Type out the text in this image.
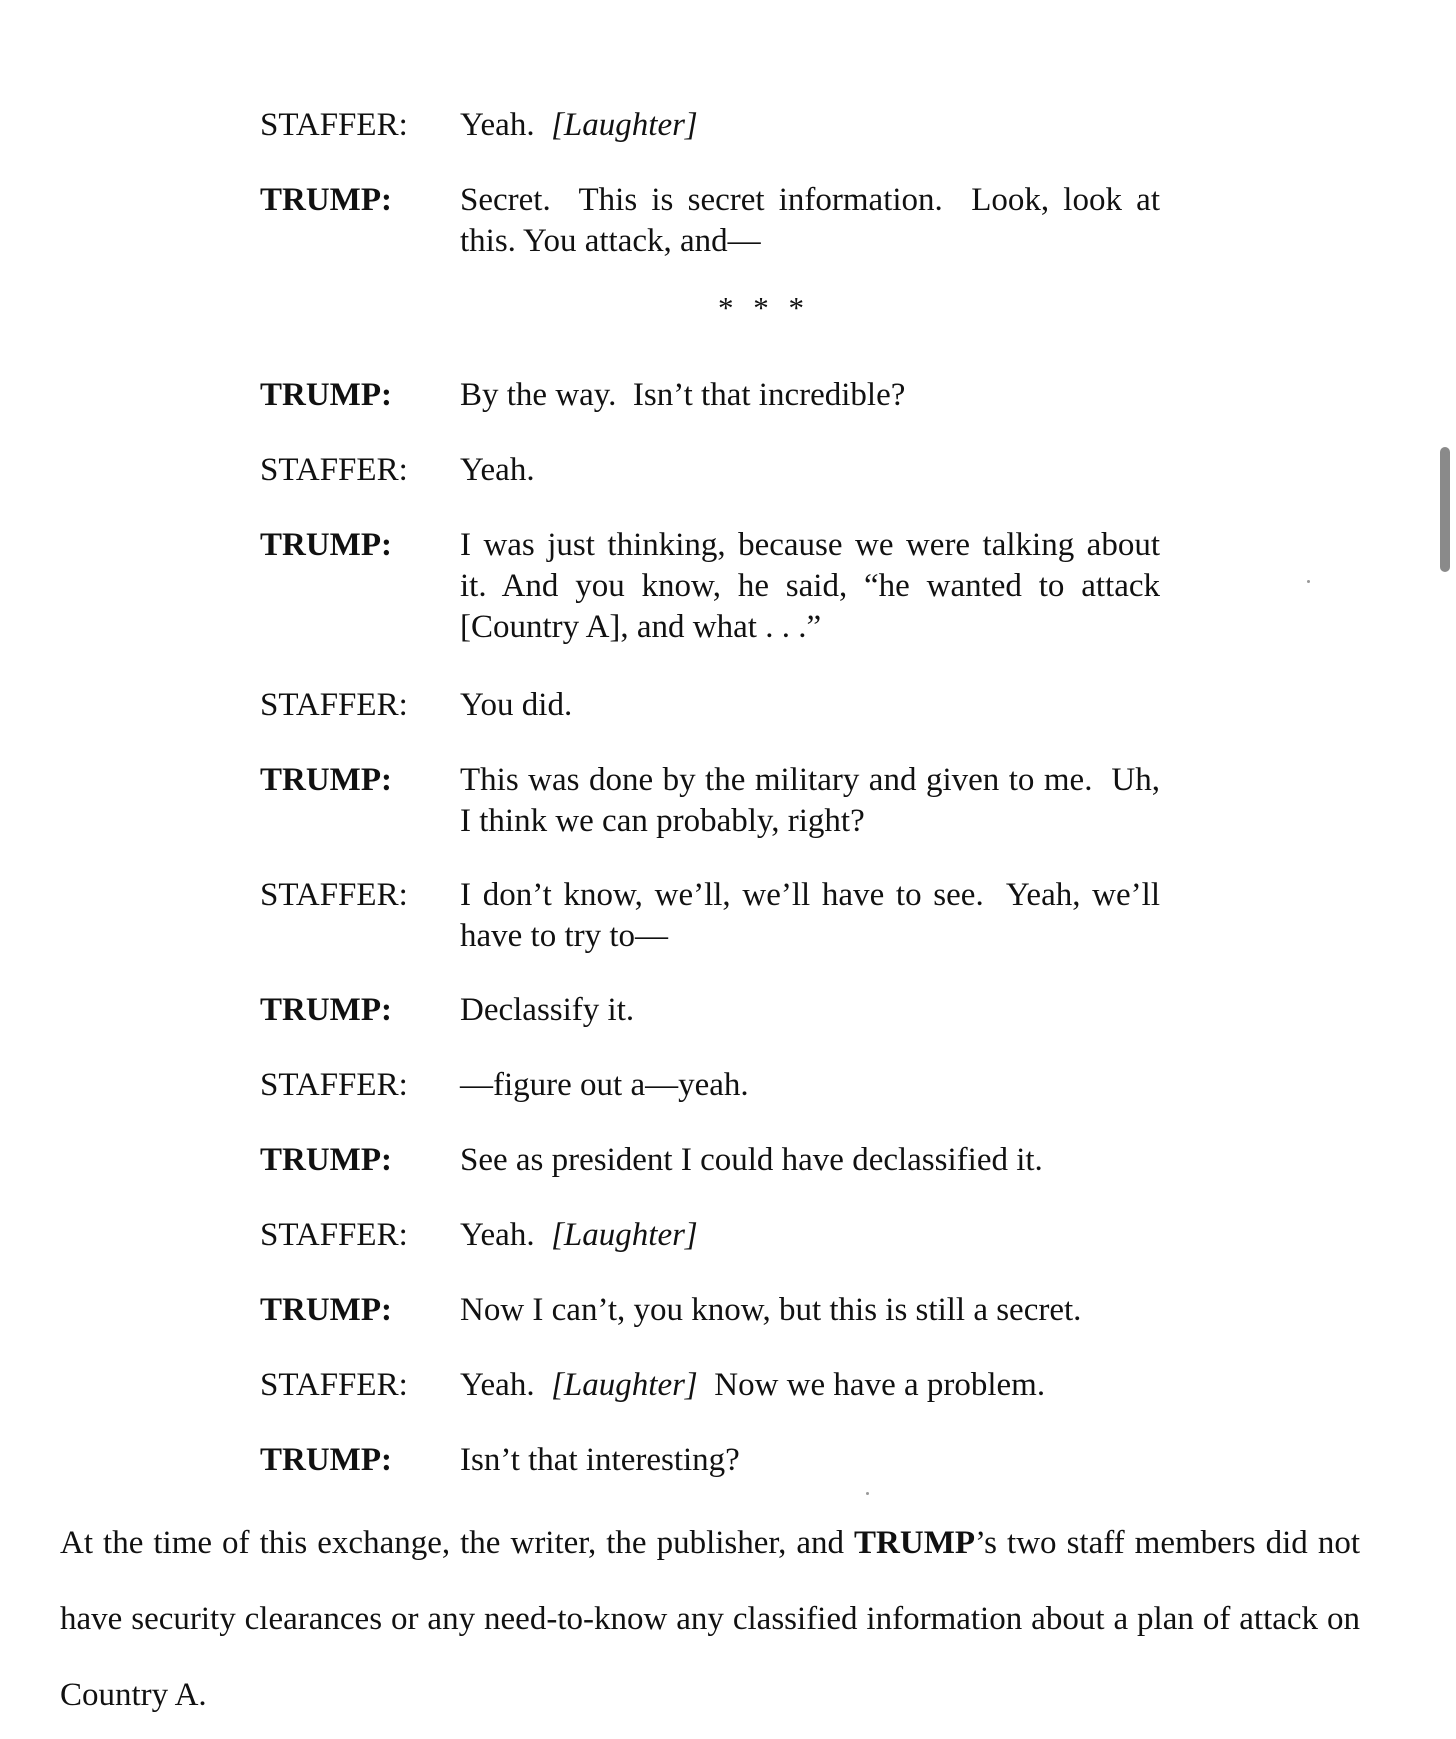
STAFFER: Yeah.  [Laughter]
TRUMP: Secret.  This is secret information.  Look, look at this. You attack, and—
* * *
TRUMP: By the way.  Isn’t that incredible?
STAFFER: Yeah.
TRUMP: I was just thinking, because we were talking about it. And you know, he said, “he wanted to attack [Country A], and what . . .”
STAFFER: You did.
TRUMP: This was done by the military and given to me.  Uh, I think we can probably, right?
STAFFER: I don’t know, we’ll, we’ll have to see.  Yeah, we’ll have to try to—
TRUMP: Declassify it.
STAFFER: —figure out a—yeah.
TRUMP: See as president I could have declassified it.
STAFFER: Yeah.  [Laughter]
TRUMP: Now I can’t, you know, but this is still a secret.
STAFFER: Yeah.  [Laughter]  Now we have a problem.
TRUMP: Isn’t that interesting?
At the time of this exchange, the writer, the publisher, and TRUMP’s two staff members did not have security clearances or any need-to-know any classified information about a plan of attack on Country A.
